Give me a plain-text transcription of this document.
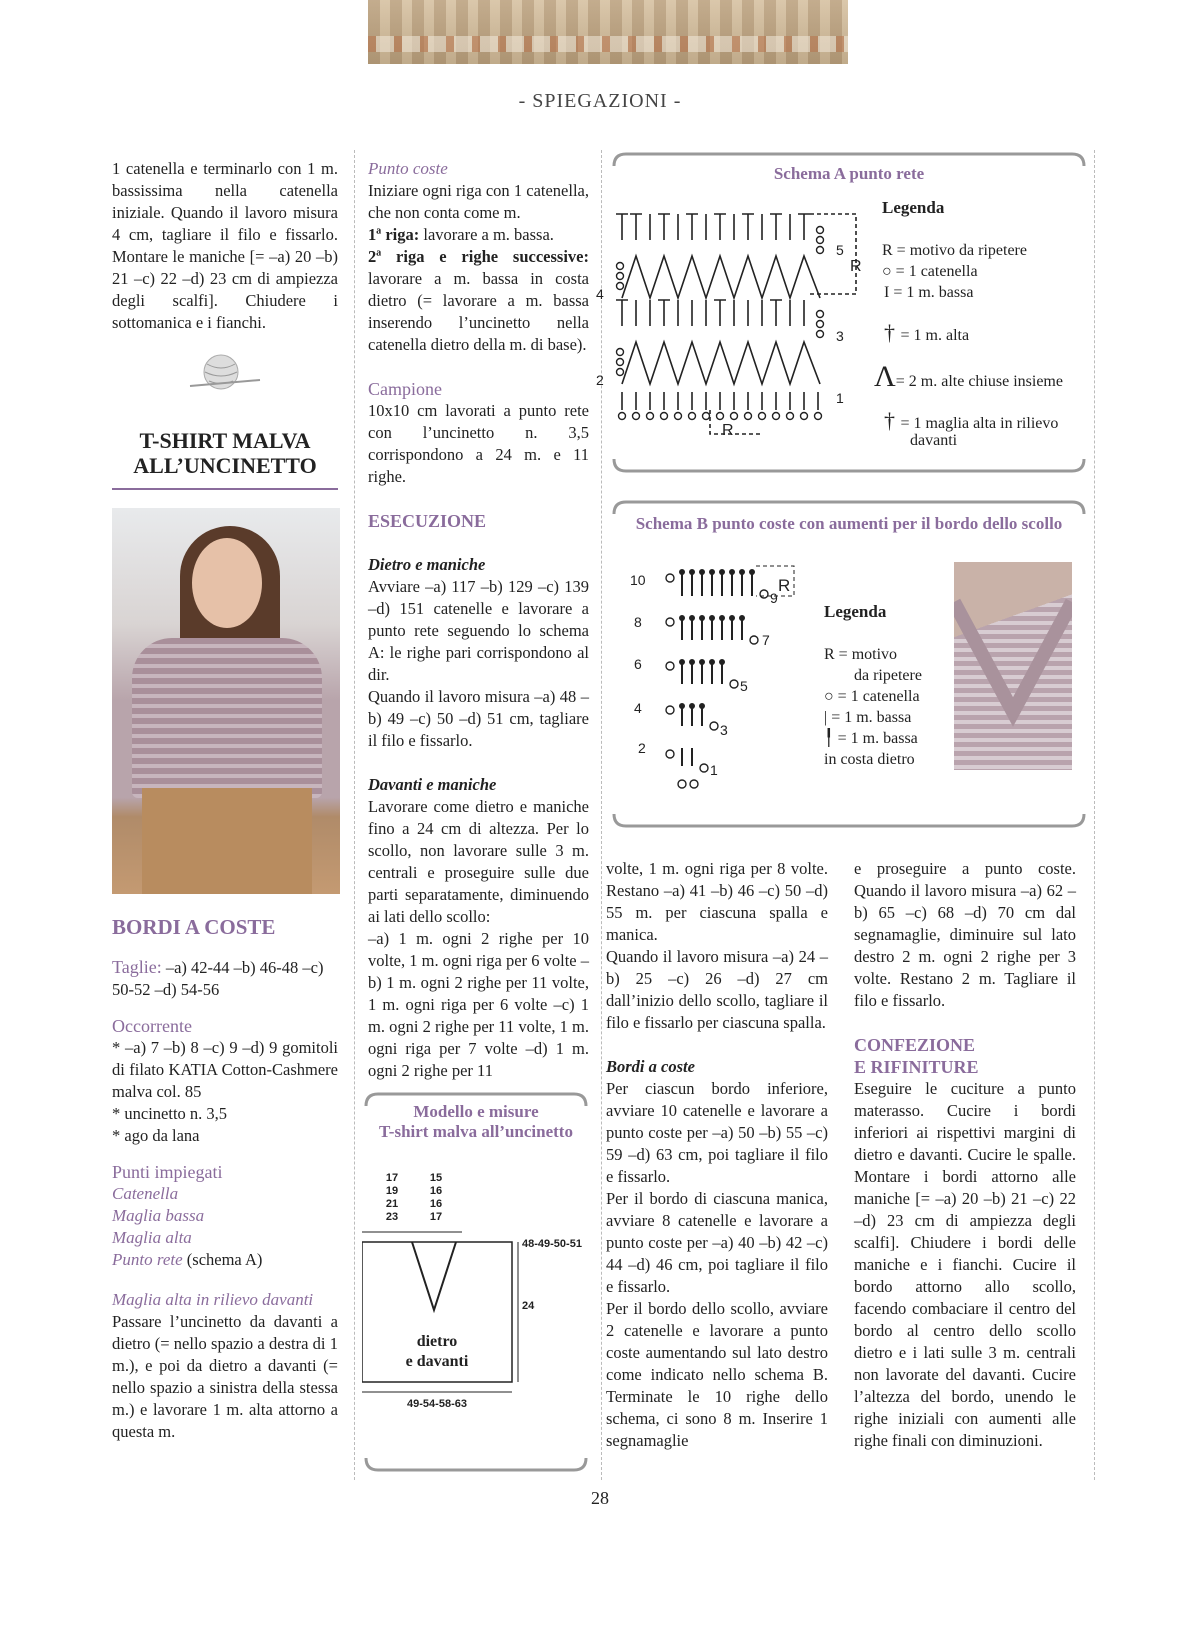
- SPIEGAZIONI -

1 catenella e terminarlo con 1 m. bassissima nella catenella iniziale. Quando il lavoro misura 4 cm, tagliare il filo e fissarlo. Montare le maniche [= –a) 20 –b) 21 –c) 22 –d) 23 cm di ampiezza degli scalfi]. Chiudere i sottomanica e i fianchi.

T-SHIRT MALVA
ALL’UNCINETTO

BORDI A COSTE

Taglie: –a) 42-44 –b) 46-48 –c) 50-52 –d) 54-56

Occorrente

* –a) 7 –b) 8 –c) 9 –d) 9 gomitoli di filato KATIA Cotton-Cashmere malva col. 85

* uncinetto n. 3,5

* ago da lana

Punti impiegati

Catenella

Maglia bassa

Maglia alta

Punto rete (schema A)

Maglia alta in rilievo davanti

Passare l’uncinetto da davanti a dietro (= nello spazio a destra di 1 m.), e poi da dietro a davanti (= nello spazio a sinistra della stessa m.) e lavorare 1 m. alta attorno a questa m.

Punto coste

Iniziare ogni riga con 1 catenella, che non conta come m.

1ª riga: lavorare a m. bassa.

2ª riga e righe successive: lavorare a m. bassa in costa dietro (= lavorare a m. bassa inserendo l’uncinetto nella catenella dietro della m. di base).

Campione

10x10 cm lavorati a punto rete con l’uncinetto n. 3,5 corrispondono a 24 m. e 11 righe.

ESECUZIONE

Dietro e maniche

Avviare –a) 117 –b) 129 –c) 139 –d) 151 catenelle e lavorare a punto rete seguendo lo schema A: le righe pari corrispondono al dir.

Quando il lavoro misura –a) 48 –b) 49 –c) 50 –d) 51 cm, tagliare il filo e fissarlo.

Davanti e maniche

Lavorare come dietro e maniche fino a 24 cm di altezza. Per lo scollo, non lavorare sulle 3 m. centrali e proseguire sulle due parti separatamente, diminuendo ai lati dello scollo:

–a) 1 m. ogni 2 righe per 10 volte, 1 m. ogni riga per 6 volte –b) 1 m. ogni 2 righe per 11 volte, 1 m. ogni riga per 6 volte –c) 1 m. ogni 2 righe per 11 volte, 1 m. ogni riga per 7 volte –d) 1 m. ogni 2 righe per 11

Modello e misure
T-shirt malva all’uncinetto
17
19
21
23
15
16
16
17
48-49-50-51
24
dietro
e davanti
49-54-58-63
Schema A punto rete
5
4
3
2
1
R
R
Legenda
R = motivo da ripetere
○ = 1 catenella
I = 1 m. bassa
† = 1 m. alta
Λ= 2 m. alte chiuse insieme
† = 1 maglia alta in rilievo
davanti
Schema B punto coste con aumenti per il bordo dello scollo
10
9
8
7
6
5
4
3
2
1
R
Legenda
R = motivo
da ripetere
○ = 1 catenella
| = 1 m. bassa
╿ = 1 m. bassa
in costa dietro

volte, 1 m. ogni riga per 8 volte. Restano –a) 41 –b) 46 –c) 50 –d) 55 m. per ciascuna spalla e manica.

Quando il lavoro misura –a) 24 –b) 25 –c) 26 –d) 27 cm dall’inizio dello scollo, tagliare il filo e fissarlo per ciascuna spalla.

Bordi a coste

Per ciascun bordo inferiore, avviare 10 catenelle e lavorare a punto coste per –a) 50 –b) 55 –c) 59 –d) 63 cm, poi tagliare il filo e fissarlo.

Per il bordo di ciascuna manica, avviare 8 catenelle e lavorare a punto coste per –a) 40 –b) 42 –c) 44 –d) 46 cm, poi tagliare il filo e fissarlo.

Per il bordo dello scollo, avviare 2 catenelle e lavorare a punto coste aumentando sul lato destro come indicato nello schema B. Terminate le 10 righe dello schema, ci sono 8 m. Inserire 1 segnamaglie

e proseguire a punto coste. Quando il lavoro misura –a) 62 –b) 65 –c) 68 –d) 70 cm dal segnamaglie, diminuire sul lato destro 2 m. ogni 2 righe per 3 volte. Restano 2 m. Tagliare il filo e fissarlo.

CONFEZIONE
E RIFINITURE

Eseguire le cuciture a punto materasso. Cucire i bordi inferiori ai rispettivi margini di dietro e davanti. Cucire le spalle. Montare i bordi attorno alle maniche [= –a) 20 –b) 21 –c) 22 –d) 23 cm di ampiezza degli scalfi]. Chiudere i bordi delle maniche e i fianchi. Cucire il bordo attorno allo scollo, facendo combaciare il centro del bordo al centro dello scollo dietro e i lati sulle 3 m. centrali non lavorate del davanti. Cucire l’altezza del bordo, unendo le righe iniziali con aumenti alle righe finali con diminuzioni.

28
